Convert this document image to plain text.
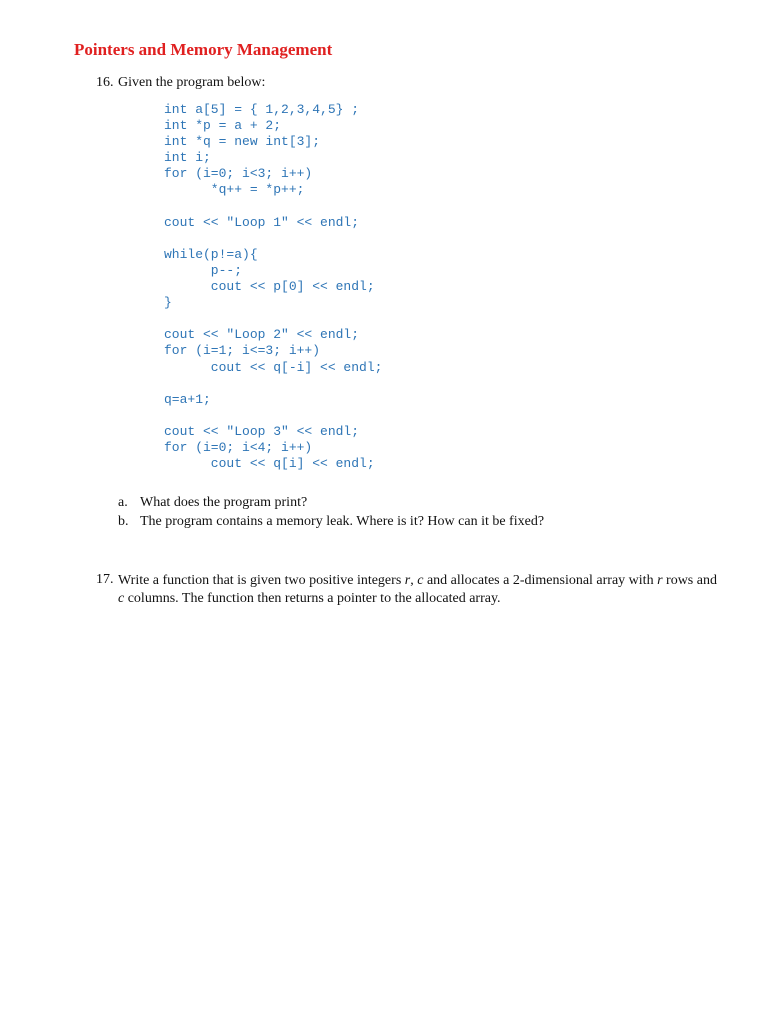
Pointers and Memory Management
16. Given the program below:
int a[5] = { 1,2,3,4,5} ;
int *p = a + 2;
int *q = new int[3];
int i;
for (i=0; i<3; i++)
*q++ = *p++;

cout << "Loop 1" << endl;

while(p!=a){
p--;
cout << p[0] << endl;
}

cout << "Loop 2" << endl;
for (i=1; i<=3; i++)
cout << q[-i] << endl;

q=a+1;

cout << "Loop 3" << endl;
for (i=0; i<4; i++)
cout << q[i] << endl;
a. What does the program print?
b. The program contains a memory leak. Where is it? How can it be fixed?
17. Write a function that is given two positive integers r, c and allocates a 2-dimensional array with r rows and c columns. The function then returns a pointer to the allocated array.
